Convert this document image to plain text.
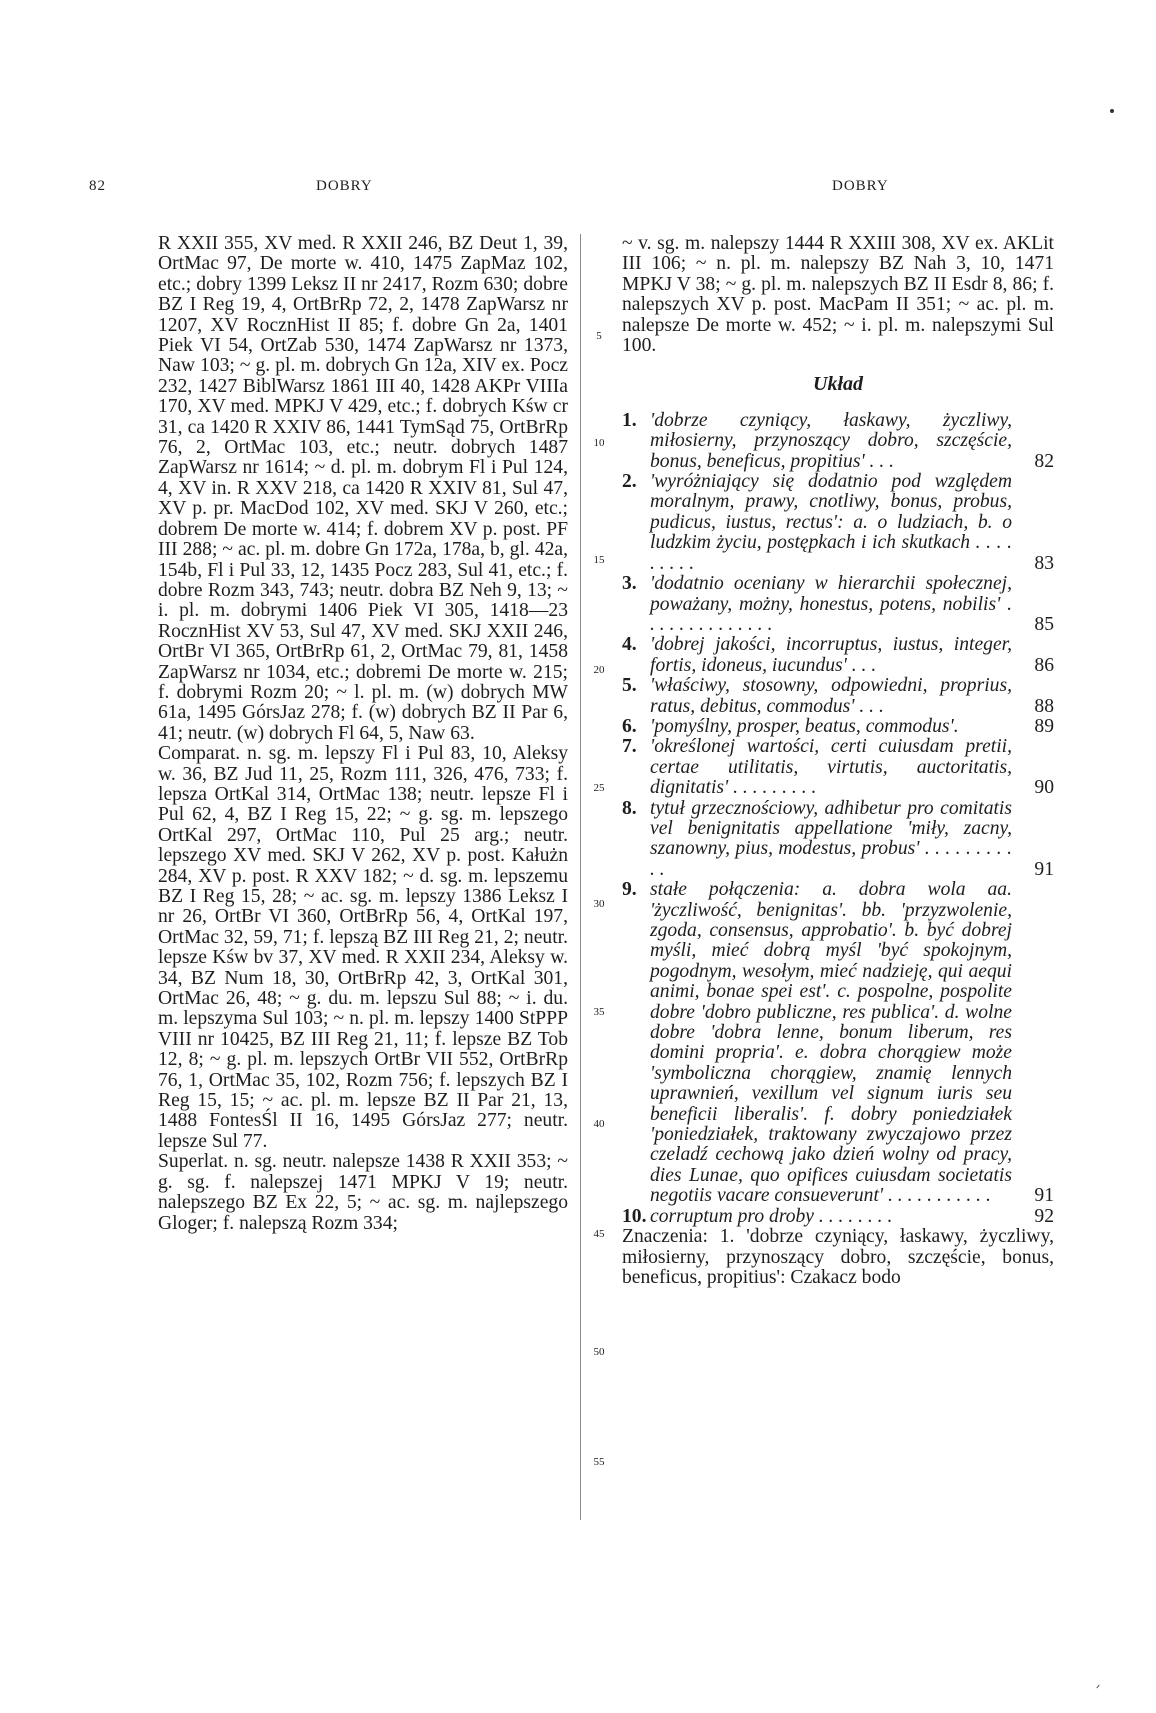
82	DOBRY	DOBRY

R XXII 355, XV med. R XXII 246, BZ Deut 1, 39, OrtMac 97, De morte w. 410, 1475 ZapMaz 102, etc.; dobry 1399 Leksz II nr 2417, Rozm 630; dobre BZ I Reg 19, 4, OrtBrRp 72, 2, 1478 ZapWarsz nr 1207, XV RocznHist II 85; f. dobre Gn 2a, 1401 Piek VI 54, OrtZab 530, 1474 ZapWarsz nr 1373, Naw 103; ~ g. pl. m. dobrych Gn 12a, XIV ex. Pocz 232, 1427 BiblWarsz 1861 III 40, 1428 AKPr VIIIa 170, XV med. MPKJ V 429, etc.; f. dobrych Kśw cr 31, ca 1420 R XXIV 86, 1441 TymSąd 75, OrtBrRp 76, 2, OrtMac 103, etc.; neutr. dobrych 1487 ZapWarsz nr 1614; ~ d. pl. m. dobrym Fl i Pul 124, 4, XV in. R XXV 218, ca 1420 R XXIV 81, Sul 47, XV p. pr. MacDod 102, XV med. SKJ V 260, etc.; dobrem De morte w. 414; f. dobrem XV p. post. PF III 288; ~ ac. pl. m. dobre Gn 172a, 178a, b, gl. 42a, 154b, Fl i Pul 33, 12, 1435 Pocz 283, Sul 41, etc.; f. dobre Rozm 343, 743; neutr. dobra BZ Neh 9, 13; ~ i. pl. m. dobrymi 1406 Piek VI 305, 1418—23 RocznHist XV 53, Sul 47, XV med. SKJ XXII 246, OrtBr VI 365, OrtBrRp 61, 2, OrtMac 79, 81, 1458 ZapWarsz nr 1034, etc.; dobremi De morte w. 215; f. dobrymi Rozm 20; ~ l. pl. m. (w) dobrych MW 61a, 1495 GórsJaz 278; f. (w) dobrych BZ II Par 6, 41; neutr. (w) dobrych Fl 64, 5, Naw 63.

Comparat. n. sg. m. lepszy Fl i Pul 83, 10, Aleksy w. 36, BZ Jud 11, 25, Rozm 111, 326, 476, 733; f. lepsza OrtKal 314, OrtMac 138; neutr. lepsze Fl i Pul 62, 4, BZ I Reg 15, 22; ~ g. sg. m. lepszego OrtKal 297, OrtMac 110, Pul 25 arg.; neutr. lepszego XV med. SKJ V 262, XV p. post. Kałużn 284, XV p. post. R XXV 182; ~ d. sg. m. lepszemu BZ I Reg 15, 28; ~ ac. sg. m. lepszy 1386 Leksz I nr 26, OrtBr VI 360, OrtBrRp 56, 4, OrtKal 197, OrtMac 32, 59, 71; f. lepszą BZ III Reg 21, 2; neutr. lepsze Kśw bv 37, XV med. R XXII 234, Aleksy w. 34, BZ Num 18, 30, OrtBrRp 42, 3, OrtKal 301, OrtMac 26, 48; ~ g. du. m. lepszu Sul 88; ~ i. du. m. lepszyma Sul 103; ~ n. pl. m. lepszy 1400 StPPP VIII nr 10425, BZ III Reg 21, 11; f. lepsze BZ Tob 12, 8; ~ g. pl. m. lepszych OrtBr VII 552, OrtBrRp 76, 1, OrtMac 35, 102, Rozm 756; f. lepszych BZ I Reg 15, 15; ~ ac. pl. m. lepsze BZ II Par 21, 13, 1488 FontesŚl II 16, 1495 GórsJaz 277; neutr. lepsze Sul 77.

Superlat. n. sg. neutr. nalepsze 1438 R XXII 353; ~ g. sg. f. nalepszej 1471 MPKJ V 19; neutr. nalepszego BZ Ex 22, 5; ~ ac. sg. m. najlepszego Gloger; f. nalepszą Rozm 334;

5
10
15
20
25
30
35
40
45
50
55

~ v. sg. m. nalepszy 1444 R XXIII 308, XV ex. AKLit III 106; ~ n. pl. m. nalepszy BZ Nah 3, 10, 1471 MPKJ V 38; ~ g. pl. m. nalepszych BZ II Esdr 8, 86; f. nalepszych XV p. post. MacPam II 351; ~ ac. pl. m. nalepsze De morte w. 452; ~ i. pl. m. nalepszymi Sul 100.

Układ
1. 'dobrze czyniący, łaskawy, życzliwy, miłosierny, przynoszący dobro, szczęście, bonus, beneficus, propitius' . . .	82
2. 'wyróżniający się dodatnio pod względem moralnym, prawy, cnotliwy, bonus, probus, pudicus, iustus, rectus': a. o ludziach, b. o ludzkim życiu, postępkach i ich skutkach . . . . . . . . .	83
3. 'dodatnio oceniany w hierarchii społecznej, poważany, możny, honestus, potens, nobilis' . . . . . . . . . . . . . .	85
4. 'dobrej jakości, incorruptus, iustus, integer, fortis, idoneus, iucundus' . . .	86
5. 'właściwy, stosowny, odpowiedni, proprius, ratus, debitus, commodus' . . .	88
6. 'pomyślny, prosper, beatus, commodus'.	89
7. 'określonej wartości, certi cuiusdam pretii, certae utilitatis, virtutis, auctoritatis, dignitatis' . . . . . . . . .	90
8. tytuł grzecznościowy, adhibetur pro comitatis vel benignitatis appellatione 'miły, zacny, szanowny, pius, modestus, probus' . . . . . . . . . . .	91
9. stałe połączenia: a. dobra wola aa. 'życzliwość, benignitas'. bb. 'przyzwolenie, zgoda, consensus, approbatio'. b. być dobrej myśli, mieć dobrą myśl 'być spokojnym, pogodnym, wesołym, mieć nadzieję, qui aequi animi, bonae spei est'. c. pospolne, pospolite dobre 'dobro publiczne, res publica'. d. wolne dobre 'dobra lenne, bonum liberum, res domini propria'. e. dobra chorągiew może 'symboliczna chorągiew, znamię lennych uprawnień, vexillum vel signum iuris seu beneficii liberalis'. f. dobry poniedziałek 'poniedziałek, traktowany zwyczajowo przez czeladź cechową jako dzień wolny od pracy, dies Lunae, quo opifices cuiusdam societatis negotiis vacare consueverunt' . . . . . . . . . . .	91
10. corruptum pro droby . . . . . . . .	92

Znaczenia: 1. 'dobrze czyniący, łaskawy, życzliwy, miłosierny, przynoszący dobro, szczęście, bonus, beneficus, propitius': Czakacz bodo
